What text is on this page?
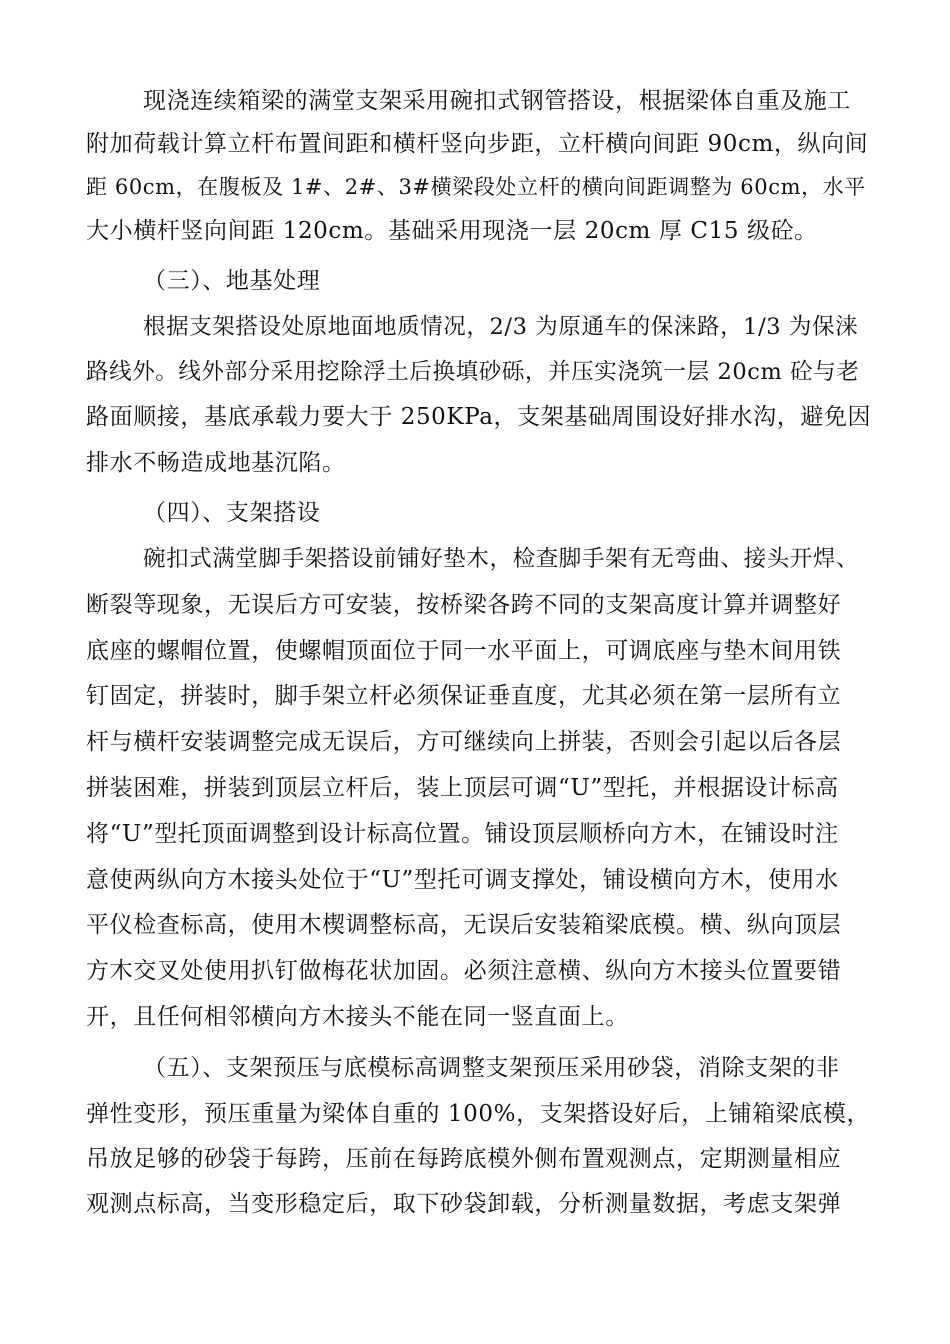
现浇连续箱梁的满堂支架采用碗扣式钢管搭设，根据梁体自重及施工
附加荷载计算立杆布置间距和横杆竖向步距，立杆横向间距 90cm，纵向间
距 60cm，在腹板及 1#、2#、3#横梁段处立杆的横向间距调整为 60cm，水平
大小横杆竖向间距 120cm。基础采用现浇一层 20cm 厚 C15 级砼。
（三）、地基处理
根据支架搭设处原地面地质情况，2/3 为原通车的保涞路，1/3 为保涞
路线外。线外部分采用挖除浮土后换填砂砾，并压实浇筑一层 20cm 砼与老
路面顺接，基底承载力要大于 250KPa，支架基础周围设好排水沟，避免因
排水不畅造成地基沉陷。
（四）、支架搭设
碗扣式满堂脚手架搭设前铺好垫木，检查脚手架有无弯曲、接头开焊、
断裂等现象，无误后方可安装，按桥梁各跨不同的支架高度计算并调整好
底座的螺帽位置，使螺帽顶面位于同一水平面上，可调底座与垫木间用铁
钉固定，拼装时，脚手架立杆必须保证垂直度，尤其必须在第一层所有立
杆与横杆安装调整完成无误后，方可继续向上拼装，否则会引起以后各层
拼装困难，拼装到顶层立杆后，装上顶层可调“U”型托，并根据设计标高
将“U”型托顶面调整到设计标高位置。铺设顶层顺桥向方木，在铺设时注
意使两纵向方木接头处位于“U”型托可调支撑处，铺设横向方木，使用水
平仪检查标高，使用木楔调整标高，无误后安装箱梁底模。横、纵向顶层
方木交叉处使用扒钉做梅花状加固。必须注意横、纵向方木接头位置要错
开，且任何相邻横向方木接头不能在同一竖直面上。
（五）、支架预压与底模标高调整支架预压采用砂袋，消除支架的非
弹性变形，预压重量为梁体自重的 100%，支架搭设好后，上铺箱梁底模，
吊放足够的砂袋于每跨，压前在每跨底模外侧布置观测点，定期测量相应
观测点标高，当变形稳定后，取下砂袋卸载，分析测量数据，考虑支架弹
